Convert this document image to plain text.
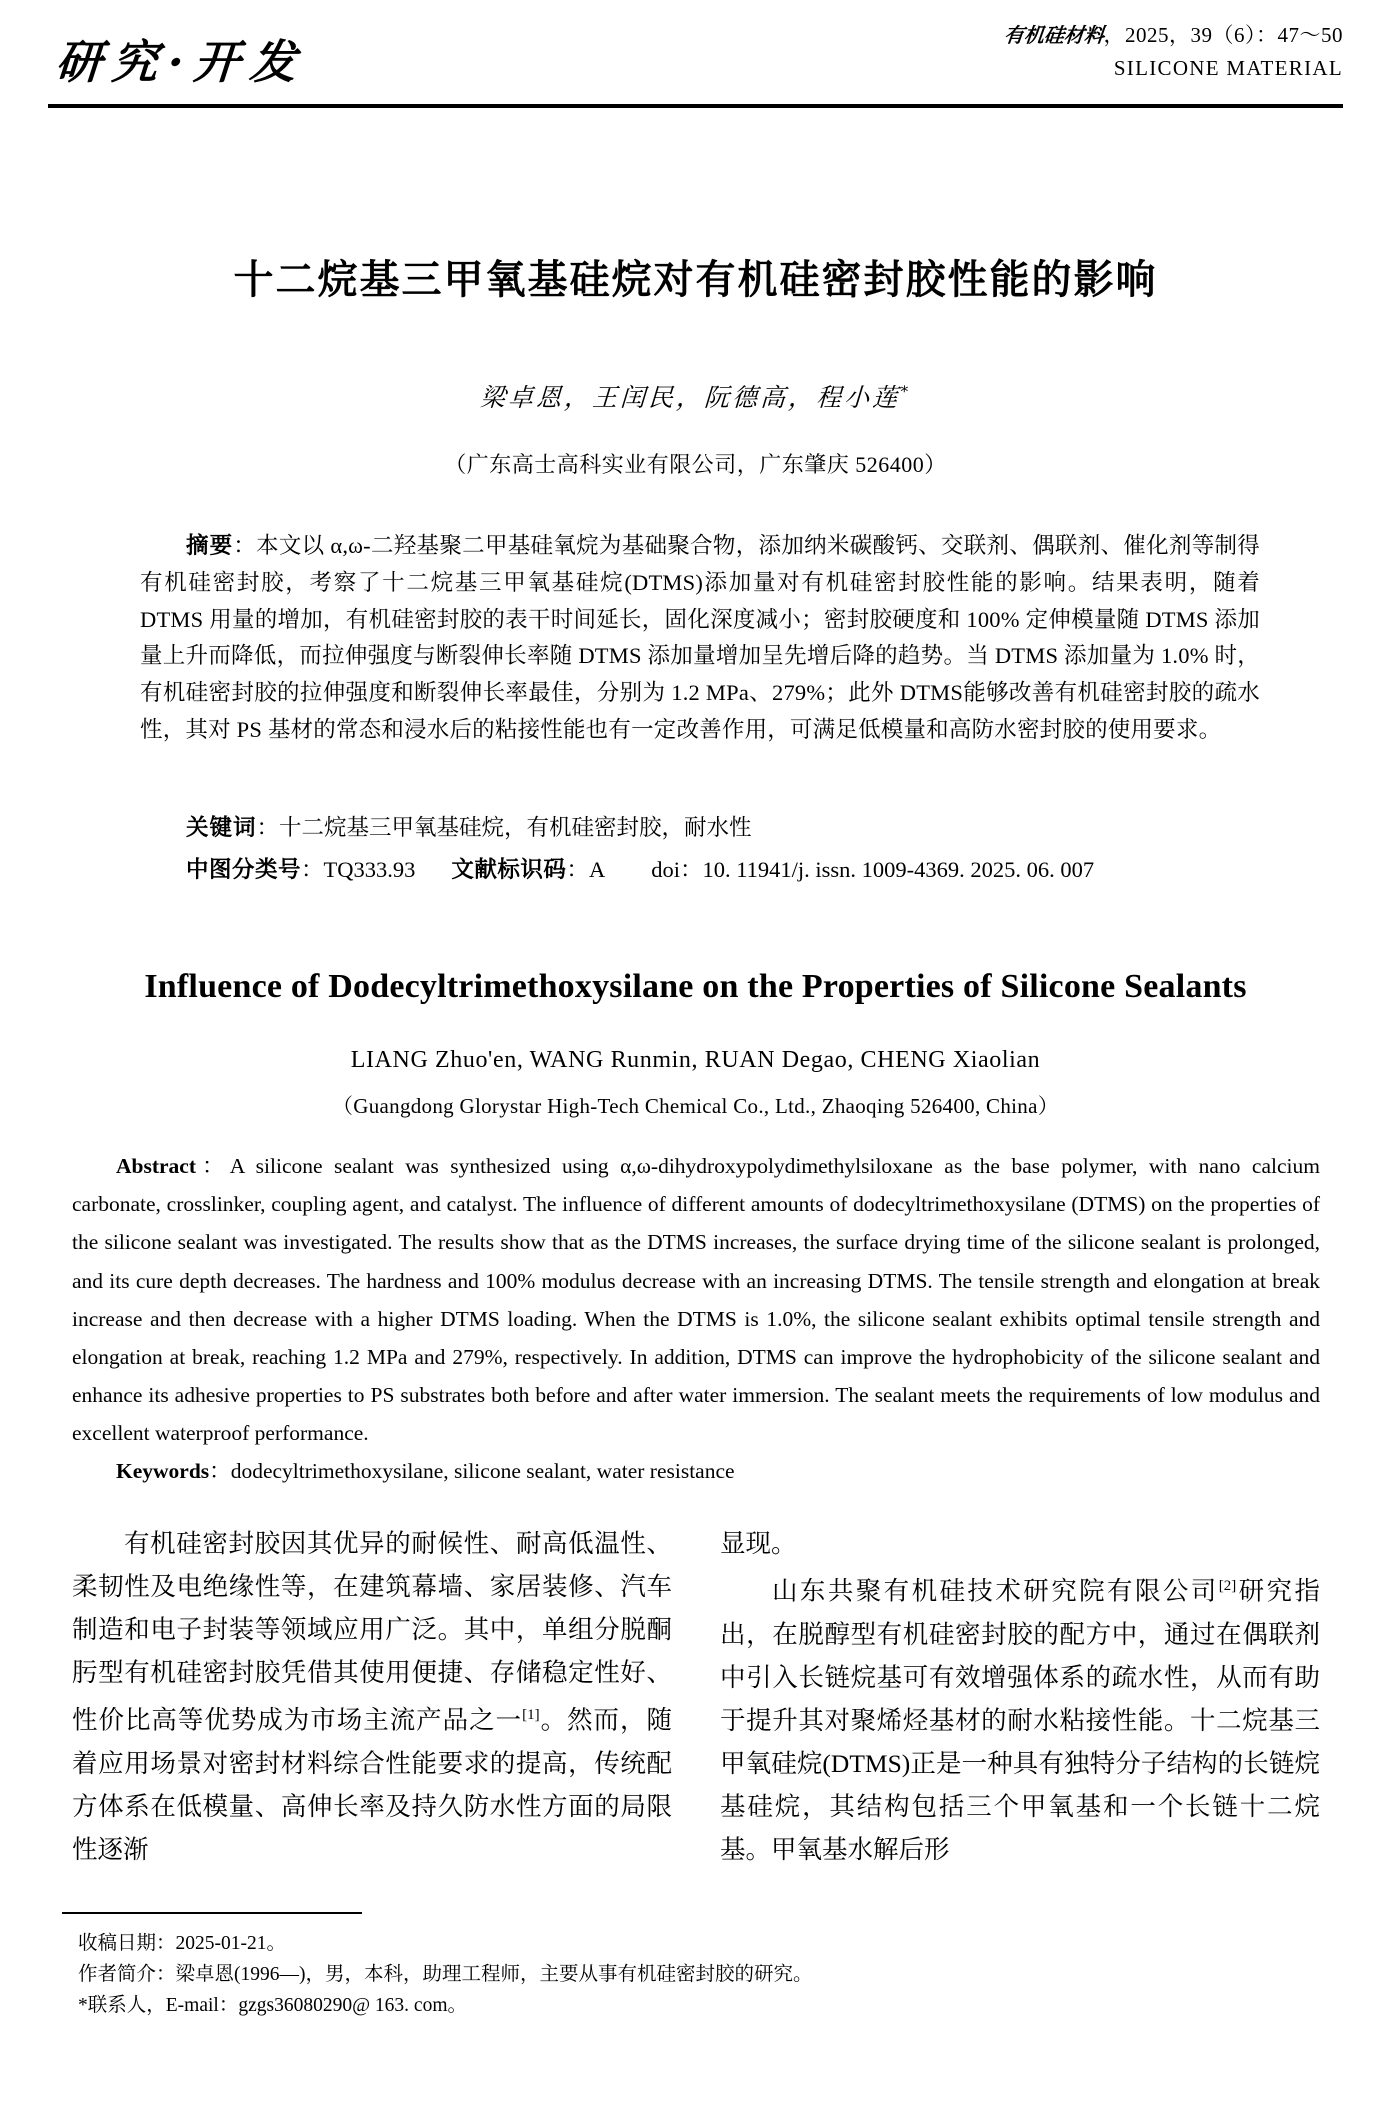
研究·开发	有机硅材料，2025，39（6）：47～50
SILICONE MATERIAL
十二烷基三甲氧基硅烷对有机硅密封胶性能的影响
梁卓恩，王闰民，阮德高，程小莲*
（广东高士高科实业有限公司，广东肇庆 526400）

摘要：本文以 α,ω-二羟基聚二甲基硅氧烷为基础聚合物，添加纳米碳酸钙、交联剂、偶联剂、催化剂等制得有机硅密封胶，考察了十二烷基三甲氧基硅烷(DTMS)添加量对有机硅密封胶性能的影响。结果表明，随着 DTMS 用量的增加，有机硅密封胶的表干时间延长，固化深度减小；密封胶硬度和 100% 定伸模量随 DTMS 添加量上升而降低，而拉伸强度与断裂伸长率随 DTMS 添加量增加呈先增后降的趋势。当 DTMS 添加量为 1.0% 时，有机硅密封胶的拉伸强度和断裂伸长率最佳，分别为 1.2 MPa、279%；此外 DTMS能够改善有机硅密封胶的疏水性，其对 PS 基材的常态和浸水后的粘接性能也有一定改善作用，可满足低模量和高防水密封胶的使用要求。

关键词：十二烷基三甲氧基硅烷，有机硅密封胶，耐水性
中图分类号：TQ333.93 文献标识码：A doi：10. 11941/j. issn. 1009-4369. 2025. 06. 007
Influence of Dodecyltrimethoxysilane on the Properties of Silicone Sealants
LIANG Zhuo'en, WANG Runmin, RUAN Degao, CHENG Xiaolian
（Guangdong Glorystar High-Tech Chemical Co., Ltd., Zhaoqing 526400, China）

Abstract：A silicone sealant was synthesized using α,ω-dihydroxypolydimethylsiloxane as the base polymer, with nano calcium carbonate, crosslinker, coupling agent, and catalyst. The influence of different amounts of dodecyltrimethoxysilane (DTMS) on the properties of the silicone sealant was investigated. The results show that as the DTMS increases, the surface drying time of the silicone sealant is prolonged, and its cure depth decreases. The hardness and 100% modulus decrease with an increasing DTMS. The tensile strength and elongation at break increase and then decrease with a higher DTMS loading. When the DTMS is 1.0%, the silicone sealant exhibits optimal tensile strength and elongation at break, reaching 1.2 MPa and 279%, respectively. In addition, DTMS can improve the hydrophobicity of the silicone sealant and enhance its adhesive properties to PS substrates both before and after water immersion. The sealant meets the requirements of low modulus and excellent waterproof performance.

Keywords：dodecyltrimethoxysilane, silicone sealant, water resistance

有机硅密封胶因其优异的耐候性、耐高低温性、柔韧性及电绝缘性等，在建筑幕墙、家居装修、汽车制造和电子封装等领域应用广泛。其中，单组分脱酮肟型有机硅密封胶凭借其使用便捷、存储稳定性好、性价比高等优势成为市场主流产品之一[1]。然而，随着应用场景对密封材料综合性能要求的提高，传统配方体系在低模量、高伸长率及持久防水性方面的局限性逐渐

显现。

山东共聚有机硅技术研究院有限公司[2]研究指出，在脱醇型有机硅密封胶的配方中，通过在偶联剂中引入长链烷基可有效增强体系的疏水性，从而有助于提升其对聚烯烃基材的耐水粘接性能。十二烷基三甲氧硅烷(DTMS)正是一种具有独特分子结构的长链烷基硅烷，其结构包括三个甲氧基和一个长链十二烷基。甲氧基水解后形

收稿日期：2025-01-21。
作者简介：梁卓恩(1996—)，男，本科，助理工程师，主要从事有机硅密封胶的研究。
*联系人，E-mail：gzgs36080290@ 163. com。
